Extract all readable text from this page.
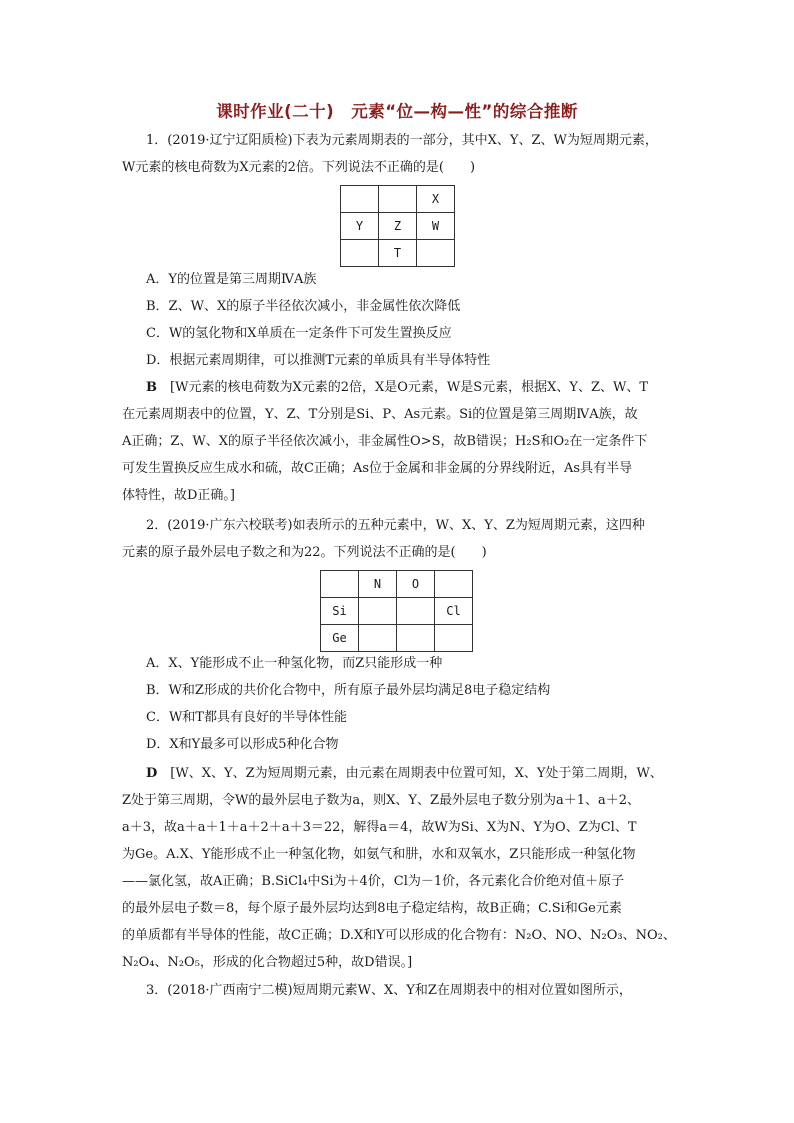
课时作业(二十)　元素“位—构—性”的综合推断
1．(2019·辽宁辽阳质检)下表为元素周期表的一部分，其中X、Y、Z、W为短周期元素，
W元素的核电荷数为X元素的2倍。下列说法不正确的是(　　)
		X
Y	Z	W
	T	
A．Y的位置是第三周期ⅣA族
B．Z、W、X的原子半径依次减小，非金属性依次降低
C．W的氢化物和X单质在一定条件下可发生置换反应
D．根据元素周期律，可以推测T元素的单质具有半导体特性
B　 [W元素的核电荷数为X元素的2倍，X是O元素，W是S元素，根据X、Y、Z、W、T
在元素周期表中的位置，Y、Z、T分别是Si、P、As元素。Si的位置是第三周期ⅣA族，故
A正确；Z、W、X的原子半径依次减小，非金属性O>S，故B错误；H₂S和O₂在一定条件下
可发生置换反应生成水和硫，故C正确；As位于金属和非金属的分界线附近，As具有半导
体特性，故D正确。]
2．(2019·广东六校联考)如表所示的五种元素中，W、X、Y、Z为短周期元素，这四种
元素的原子最外层电子数之和为22。下列说法不正确的是(　　)
	N	O	
Si			Cl
Ge			
A．X、Y能形成不止一种氢化物，而Z只能形成一种
B．W和Z形成的共价化合物中，所有原子最外层均满足8电子稳定结构
C．W和T都具有良好的半导体性能
D．X和Y最多可以形成5种化合物
D　 [W、X、Y、Z为短周期元素，由元素在周期表中位置可知，X、Y处于第二周期，W、
Z处于第三周期，令W的最外层电子数为a，则X、Y、Z最外层电子数分别为a＋1、a＋2、
a＋3，故a＋a＋1＋a＋2＋a＋3＝22，解得a＝4，故W为Si、X为N、Y为O、Z为Cl、T
为Ge。A.X、Y能形成不止一种氢化物，如氨气和肼，水和双氧水，Z只能形成一种氢化物
——氯化氢，故A正确；B.SiCl₄中Si为＋4价，Cl为－1价，各元素化合价绝对值＋原子
的最外层电子数＝8，每个原子最外层均达到8电子稳定结构，故B正确；C.Si和Ge元素
的单质都有半导体的性能，故C正确；D.X和Y可以形成的化合物有：N₂O、NO、N₂O₃、NO₂、
N₂O₄、N₂O₅，形成的化合物超过5种，故D错误。]
3．(2018·广西南宁二模)短周期元素W、X、Y和Z在周期表中的相对位置如图所示，
